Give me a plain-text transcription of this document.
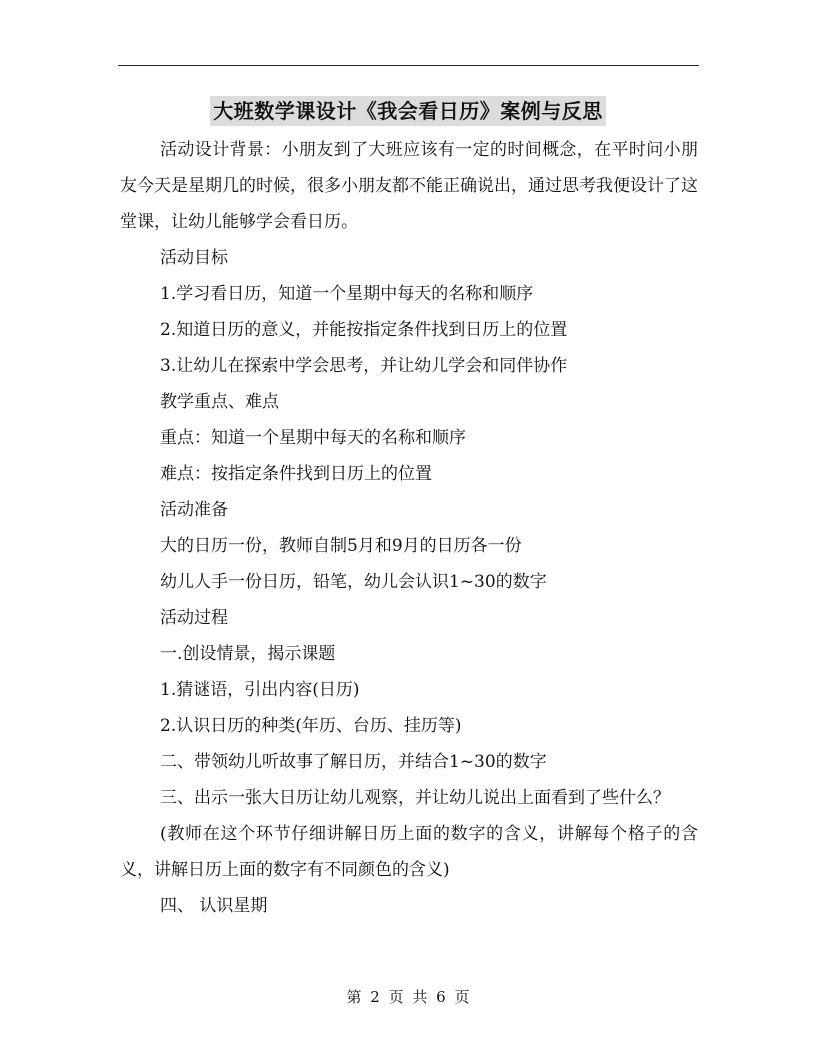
大班数学课设计《我会看日历》案例与反思

活动设计背景：小朋友到了大班应该有一定的时间概念，在平时问小朋友今天是星期几的时候，很多小朋友都不能正确说出，通过思考我便设计了这堂课，让幼儿能够学会看日历。

活动目标

1.学习看日历，知道一个星期中每天的名称和顺序

2.知道日历的意义，并能按指定条件找到日历上的位置

3.让幼儿在探索中学会思考，并让幼儿学会和同伴协作

教学重点、难点

重点：知道一个星期中每天的名称和顺序

难点：按指定条件找到日历上的位置

活动准备

大的日历一份，教师自制5月和9月的日历各一份

幼儿人手一份日历，铅笔，幼儿会认识1~30的数字

活动过程

一.创设情景，揭示课题

1.猜谜语，引出内容(日历)

2.认识日历的种类(年历、台历、挂历等)

二、带领幼儿听故事了解日历，并结合1~30的数字

三、出示一张大日历让幼儿观察，并让幼儿说出上面看到了些什么？

(教师在这个环节仔细讲解日历上面的数字的含义，讲解每个格子的含义，讲解日历上面的数字有不同颜色的含义)

四、 认识星期

第 2 页 共 6 页
